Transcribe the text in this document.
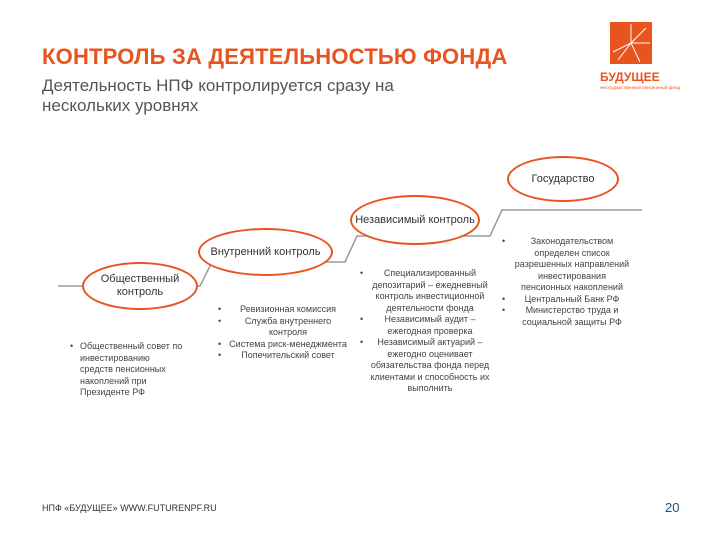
КОНТРОЛЬ ЗА ДЕЯТЕЛЬНОСТЬЮ ФОНДА
Деятельность НПФ контролируется сразу на нескольких уровнях
БУДУЩЕЕ
негосударственный пенсионный фонд
Общественный контроль
Внутренний контроль
Независимый контроль
Государство
• Общественный совет по инвестированию средств пенсионных накоплений при Президенте РФ
• Ревизионная комиссия
• Служба внутреннего контроля
• Система риск-менеджмента
• Попечительский совет
• Специализированный депозитарий – ежедневный контроль инвестиционной деятельности фонда
• Независимый аудит – ежегодная проверка
• Независимый актуарий – ежегодно оценивает обязательства фонда перед клиентами и способность их выполнить
• Законодательством определен список разрешенных направлений инвестирования пенсионных накоплений
• Центральный Банк РФ
• Министерство труда и социальной защиты РФ
НПФ «БУДУЩЕЕ» WWW.FUTURENPF.RU	20
